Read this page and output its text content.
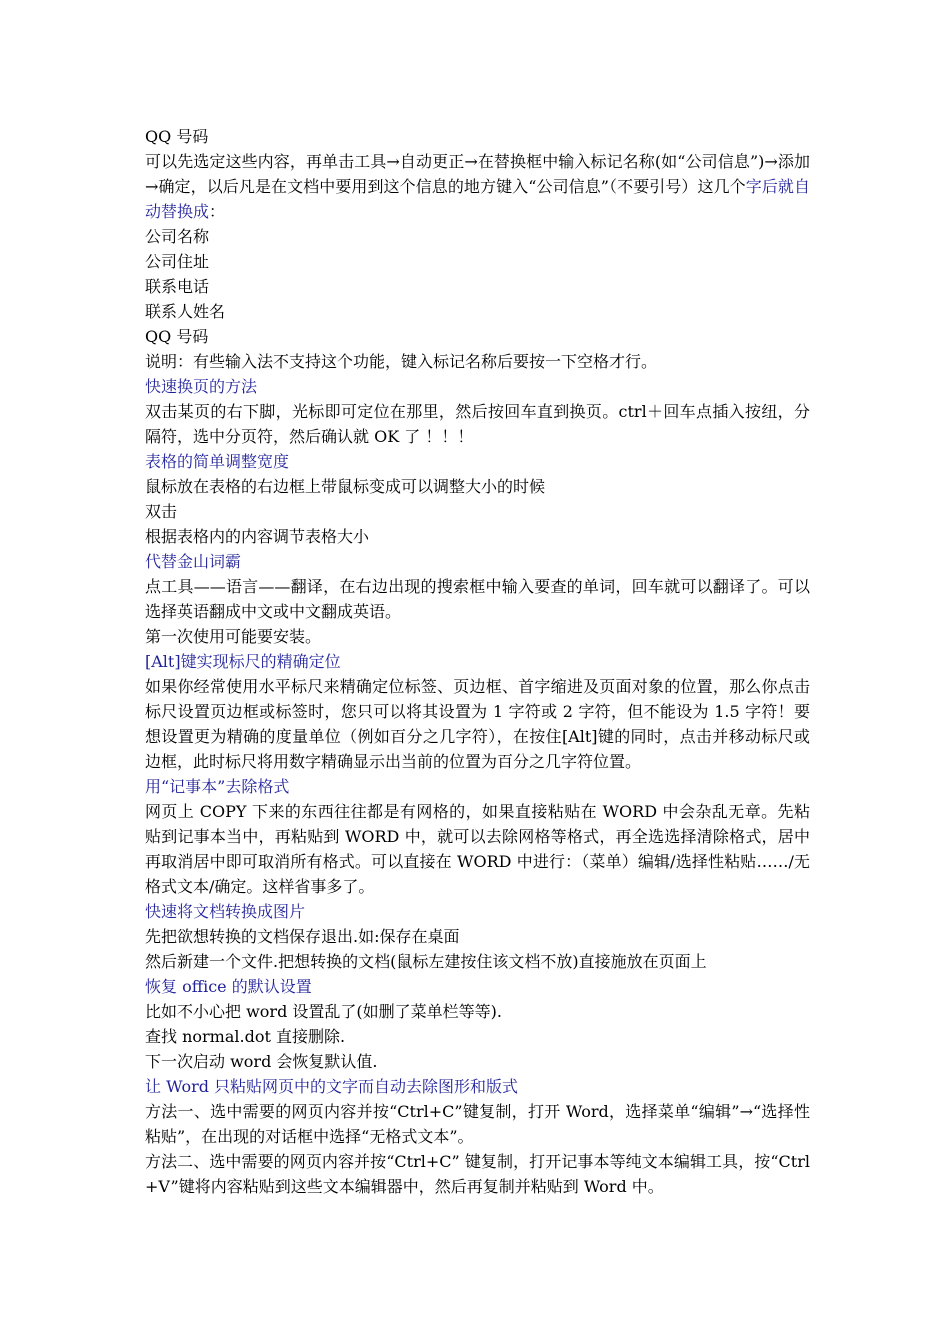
QQ 号码

可以先选定这些内容，再单击工具→自动更正→在替换框中输入标记名称(如“公司信息”)→添加→确定，以后凡是在文档中要用到这个信息的地方键入“公司信息”（不要引号）这几个字后就自动替换成：

公司名称

公司住址

联系电话

联系人姓名

QQ 号码

说明：有些输入法不支持这个功能，键入标记名称后要按一下空格才行。

快速换页的方法

双击某页的右下脚，光标即可定位在那里，然后按回车直到换页。ctrl＋回车点插入按纽，分隔符，选中分页符，然后确认就 OK 了 ！！！

表格的简单调整宽度

鼠标放在表格的右边框上带鼠标变成可以调整大小的时候

双击

根据表格内的内容调节表格大小

代替金山词霸

点工具——语言——翻译，在右边出现的搜索框中输入要查的单词，回车就可以翻译了。可以选择英语翻成中文或中文翻成英语。

第一次使用可能要安装。

[Alt]键实现标尺的精确定位

如果你经常使用水平标尺来精确定位标签、页边框、首字缩进及页面对象的位置，那么你点击标尺设置页边框或标签时，您只可以将其设置为 1 字符或 2 字符，但不能设为 1.5 字符！要想设置更为精确的度量单位（例如百分之几字符），在按住[Alt]键的同时，点击并移动标尺或边框，此时标尺将用数字精确显示出当前的位置为百分之几字符位置。

用“记事本”去除格式

网页上 COPY 下来的东西往往都是有网格的，如果直接粘贴在 WORD 中会杂乱无章。先粘贴到记事本当中，再粘贴到 WORD 中，就可以去除网格等格式，再全选选择清除格式，居中再取消居中即可取消所有格式。可以直接在 WORD 中进行：（菜单）编辑/选择性粘贴……/无格式文本/确定。这样省事多了。

快速将文档转换成图片

先把欲想转换的文档保存退出.如:保存在桌面

然后新建一个文件.把想转换的文档(鼠标左建按住该文档不放)直接施放在页面上

恢复 office 的默认设置

比如不小心把 word 设置乱了(如删了菜单栏等等).

查找 normal.dot 直接删除.

下一次启动 word 会恢复默认值.

让 Word 只粘贴网页中的文字而自动去除图形和版式

方法一、选中需要的网页内容并按“Ctrl+C”键复制，打开 Word，选择菜单“编辑”→“选择性粘贴”，在出现的对话框中选择“无格式文本”。

方法二、选中需要的网页内容并按“Ctrl+C” 键复制，打开记事本等纯文本编辑工具，按“Ctrl+V”键将内容粘贴到这些文本编辑器中，然后再复制并粘贴到 Word 中。
